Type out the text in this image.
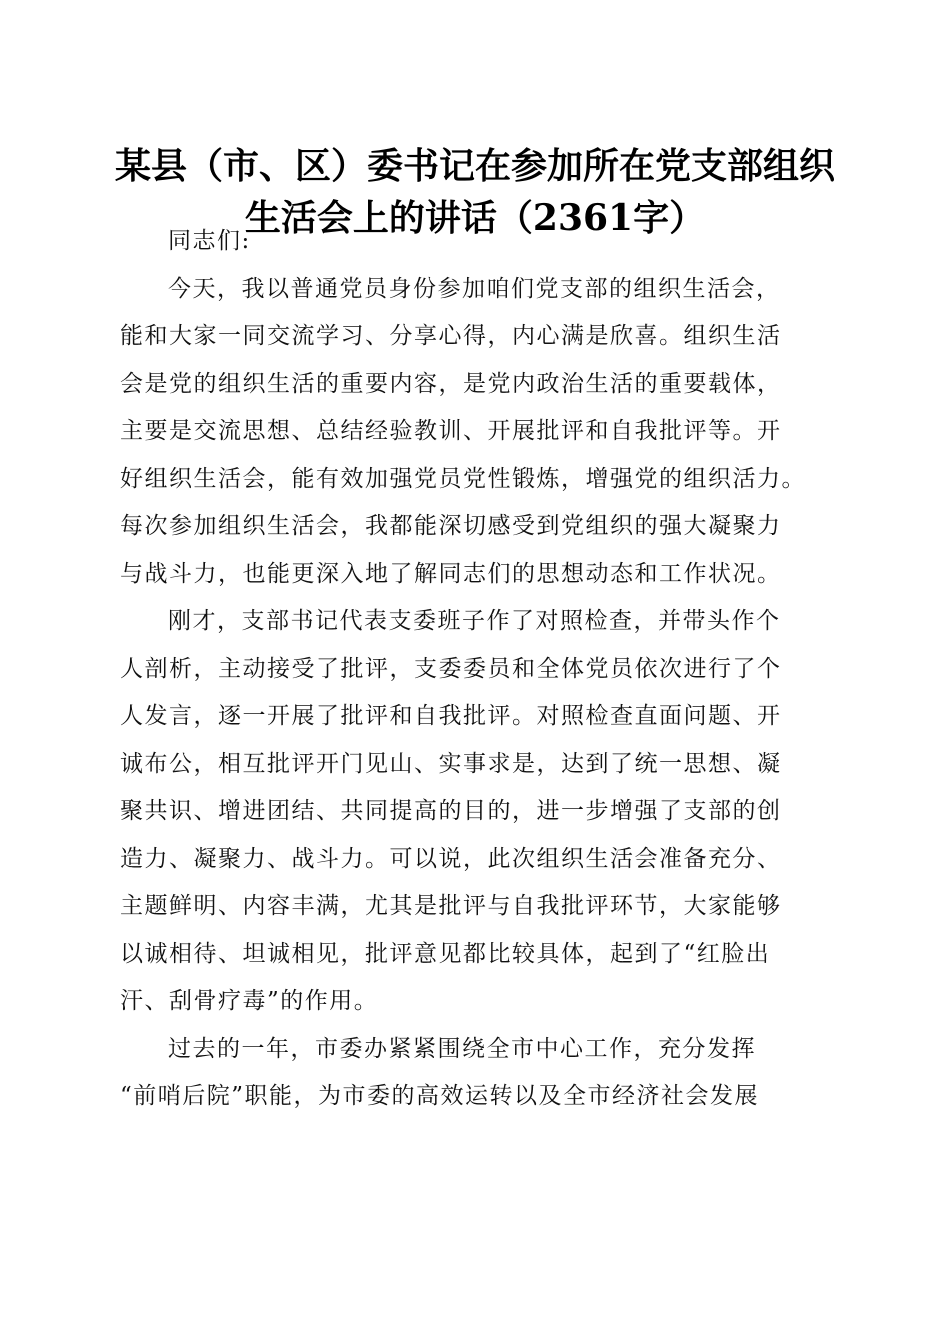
某县（市、区）委书记在参加所在党支部组织
生活会上的讲话（2361字）

同志们:

今天，我以普通党员身份参加咱们党支部的组织生活会，
能和大家一同交流学习、分享心得，内心满是欣喜。组织生活
会是党的组织生活的重要内容，是党内政治生活的重要载体，
主要是交流思想、总结经验教训、开展批评和自我批评等。开
好组织生活会，能有效加强党员党性锻炼，增强党的组织活力。
每次参加组织生活会，我都能深切感受到党组织的强大凝聚力
与战斗力，也能更深入地了解同志们的思想动态和工作状况。

刚才，支部书记代表支委班子作了对照检查，并带头作个
人剖析，主动接受了批评，支委委员和全体党员依次进行了个
人发言，逐一开展了批评和自我批评。对照检查直面问题、开
诚布公，相互批评开门见山、实事求是，达到了统一思想、凝
聚共识、增进团结、共同提高的目的，进一步增强了支部的创
造力、凝聚力、战斗力。可以说，此次组织生活会准备充分、
主题鲜明、内容丰满，尤其是批评与自我批评环节，大家能够
以诚相待、坦诚相见，批评意见都比较具体，起到了“红脸出
汗、刮骨疗毒”的作用。

过去的一年，市委办紧紧围绕全市中心工作，充分发挥
“前哨后院”职能，为市委的高效运转以及全市经济社会发展
